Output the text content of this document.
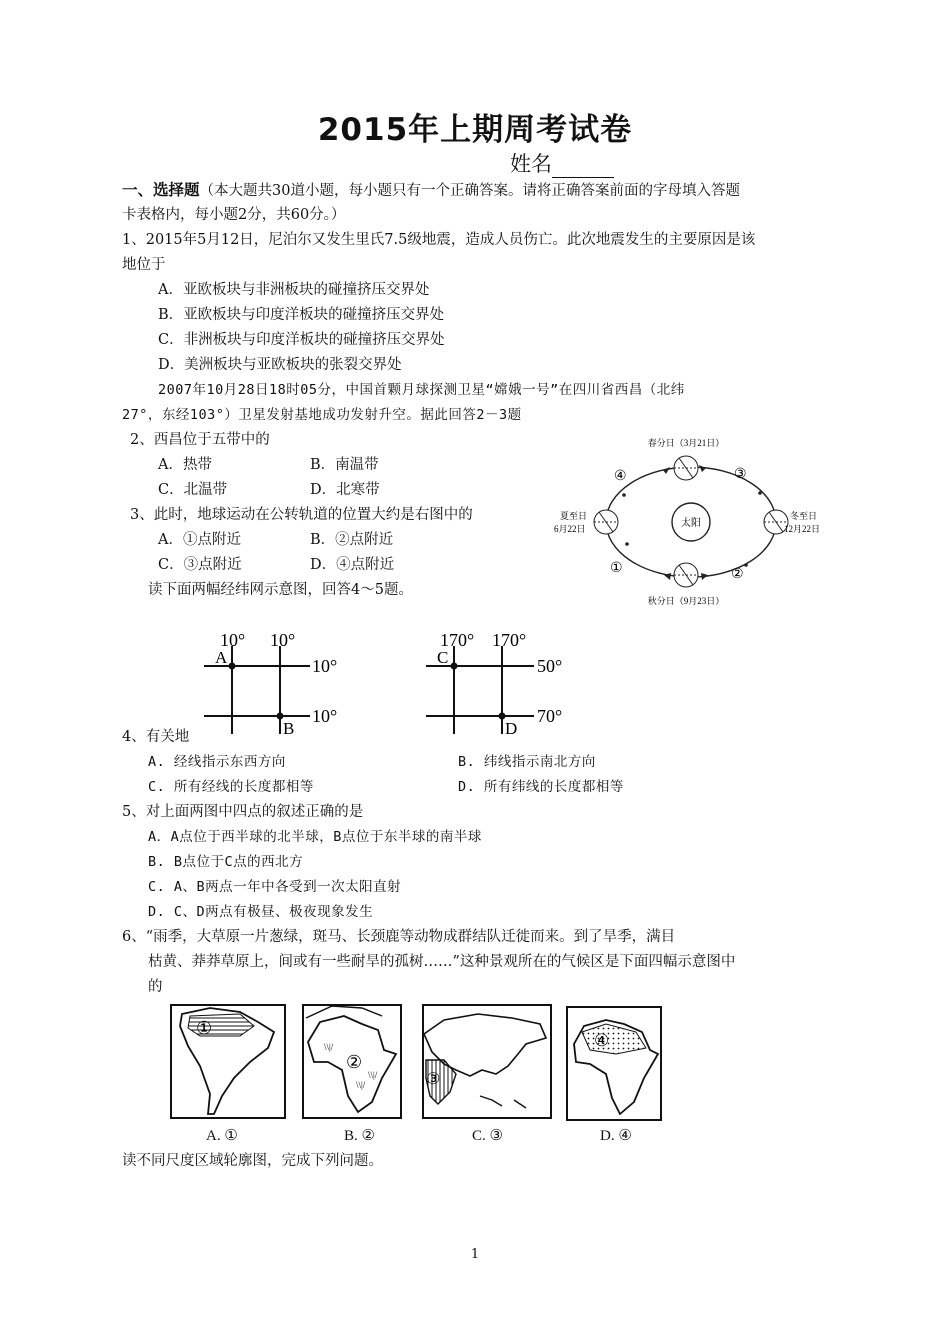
2015年上期周考试卷
姓名
一、选择题（本大题共30道小题，每小题只有一个正确答案。请将正确答案前面的字母填入答题
卡表格内，每小题2分，共60分。）
1、2015年5月12日，尼泊尔又发生里氏7.5级地震，造成人员伤亡。此次地震发生的主要原因是该
地位于
A．亚欧板块与非洲板块的碰撞挤压交界处
B．亚欧板块与印度洋板块的碰撞挤压交界处
C．非洲板块与印度洋板块的碰撞挤压交界处
D．美洲板块与亚欧板块的张裂交界处
2007年10月28日18时05分，中国首颗月球探测卫星“嫦娥一号”在四川省西昌（北纬
27°，东经103°）卫星发射基地成功发射升空。据此回答2－3题
2、西昌位于五带中的
A．热带	B．南温带
C．北温带	D．北寒带
3、此时，地球运动在公转轨道的位置大约是右图中的
A．①点附近	B．②点附近
C．③点附近	D．④点附近
读下面两幅经纬网示意图，回答4～5题。
太阳
春分日（3月21日）
夏至日
6月22日
冬至日
12月22日
秋分日（9月23日）
①	②
③
④
10° 10°
10°
10°
A
B
170° 170°
50°
70°
C
D
4、有关地
A. 经线指示东西方向	B. 纬线指示南北方向
C. 所有经线的长度都相等	D. 所有纬线的长度都相等
5、对上面两图中四点的叙述正确的是
A．A点位于西半球的北半球，B点位于东半球的南半球
B. B点位于C点的西北方
C. A、B两点一年中各受到一次太阳直射
D. C、D两点有极昼、极夜现象发生
6、“雨季，大草原一片葱绿，斑马、长颈鹿等动物成群结队迁徙而来。到了旱季，满目
枯黄、莽莽草原上，间或有一些耐旱的孤树……”这种景观所在的气候区是下面四幅示意图中
的
①
②
\\|/
\\|/
\\|/	③
④
A. ①	B. ②	C. ③	D. ④
读不同尺度区域轮廓图，完成下列问题。
1
